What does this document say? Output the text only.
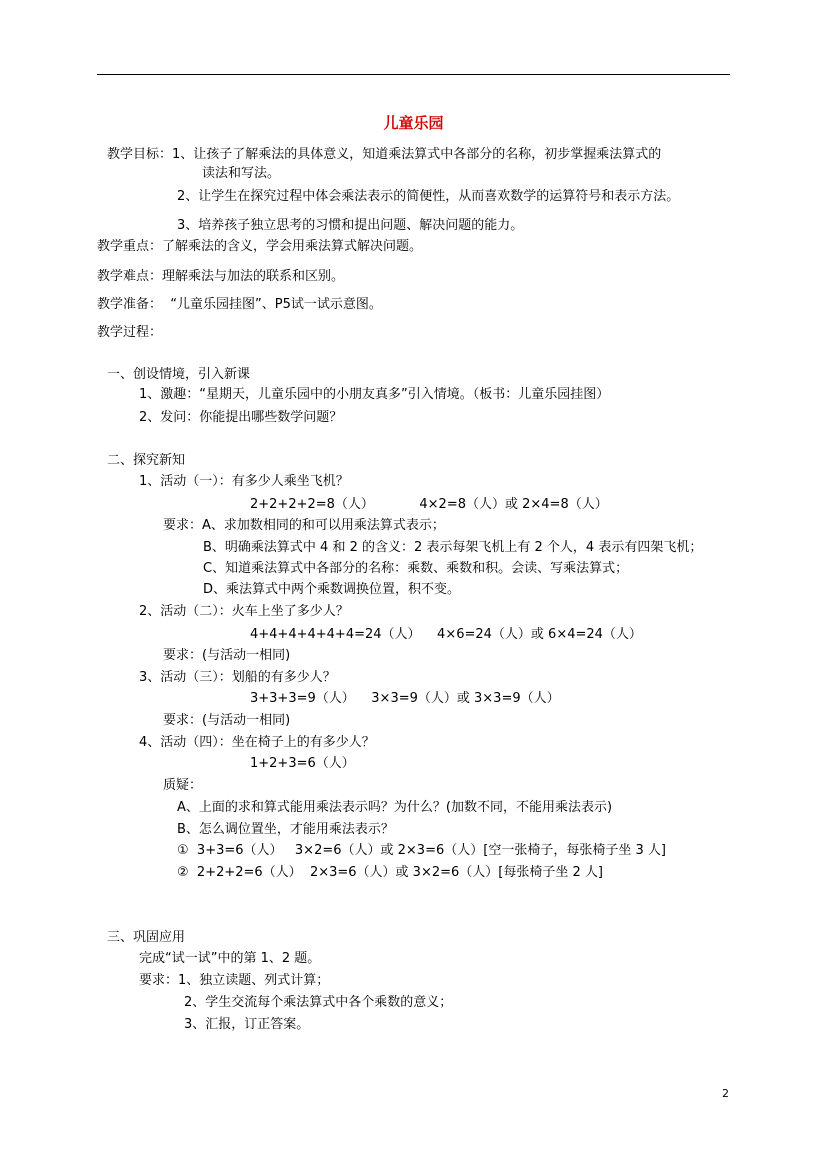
儿童乐园
教学目标：1、让孩子了解乘法的具体意义，知道乘法算式中各部分的名称，初步掌握乘法算式的
读法和写法。
2、让学生在探究过程中体会乘法表示的简便性，从而喜欢数学的运算符号和表示方法。
3、培养孩子独立思考的习惯和提出问题、解决问题的能力。
教学重点：了解乘法的含义，学会用乘法算式解决问题。
教学难点：理解乘法与加法的联系和区别。
教学准备：  “儿童乐园挂图”、P5试一试示意图。
教学过程：
一、创设情境，引入新课
1、激趣：“星期天，儿童乐园中的小朋友真多”引入情境。（板书：儿童乐园挂图）
2、发问：你能提出哪些数学问题？
二、探究新知
1、活动（一）：有多少人乘坐飞机？
2+2+2+2=8（人）           4×2=8（人）或 2×4=8（人）
要求：A、求加数相同的和可以用乘法算式表示；
B、明确乘法算式中 4 和 2 的含义：2 表示每架飞机上有 2 个人，4 表示有四架飞机；
C、知道乘法算式中各部分的名称：乘数、乘数和积。会读、写乘法算式；
D、乘法算式中两个乘数调换位置，积不变。
2、活动（二）：火车上坐了多少人？
4+4+4+4+4+4=24（人）    4×6=24（人）或 6×4=24（人）
要求：(与活动一相同)
3、活动（三）：划船的有多少人？
3+3+3=9（人）    3×3=9（人）或 3×3=9（人）
要求：(与活动一相同)
4、活动（四）：坐在椅子上的有多少人？
1+2+3=6（人）
质疑：
A、上面的求和算式能用乘法表示吗？为什么？(加数不同，不能用乘法表示)
B、怎么调位置坐，才能用乘法表示？
①  3+3=6（人）   3×2=6（人）或 2×3=6（人）[空一张椅子，每张椅子坐 3 人]
②  2+2+2=6（人）  2×3=6（人）或 3×2=6（人）[每张椅子坐 2 人]
三、巩固应用
完成“试一试”中的第 1、2 题。
要求：1、独立读题、列式计算；
2、学生交流每个乘法算式中各个乘数的意义；
3、汇报，订正答案。
2
